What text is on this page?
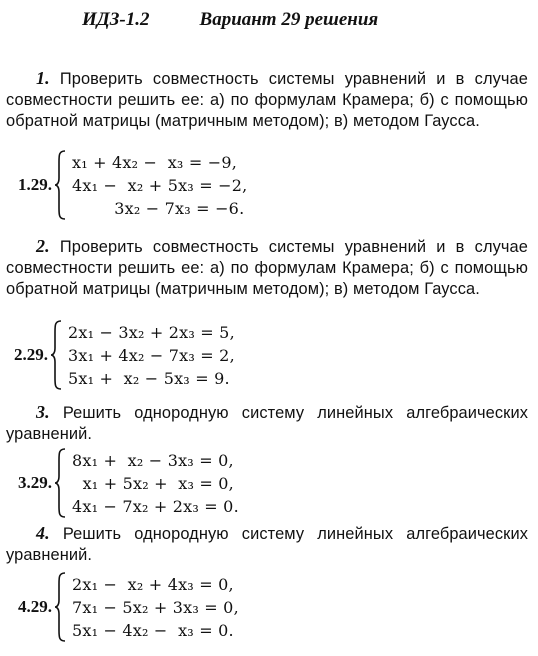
ИДЗ-1.2	Вариант 29 решения
1. Проверить совместность системы уравнений и в случае совместности решить ее: а) по формулам Крамера; б) с помощью обратной матрицы (матричным методом); в) методом Гаусса.
1.29.
x₁ + 4x₂ −  x₃ = −9,
4x₁ −  x₂ + 5x₃ = −2,
3x₂ − 7x₃ = −6.
2. Проверить совместность системы уравнений и в случае совместности решить ее: а) по формулам Крамера; б) с помощью обратной матрицы (матричным методом); в) методом Гаусса.
2.29.
2x₁ − 3x₂ + 2x₃ = 5,
3x₁ + 4x₂ − 7x₃ = 2,
5x₁ +  x₂ − 5x₃ = 9.
3. Решить однородную систему линейных алгебраических уравнений.
3.29.
8x₁ +  x₂ − 3x₃ = 0,
x₁ + 5x₂ +  x₃ = 0,
4x₁ − 7x₂ + 2x₃ = 0.
4. Решить однородную систему линейных алгебраических уравнений.
4.29.
2x₁ −  x₂ + 4x₃ = 0,
7x₁ − 5x₂ + 3x₃ = 0,
5x₁ − 4x₂ −  x₃ = 0.
